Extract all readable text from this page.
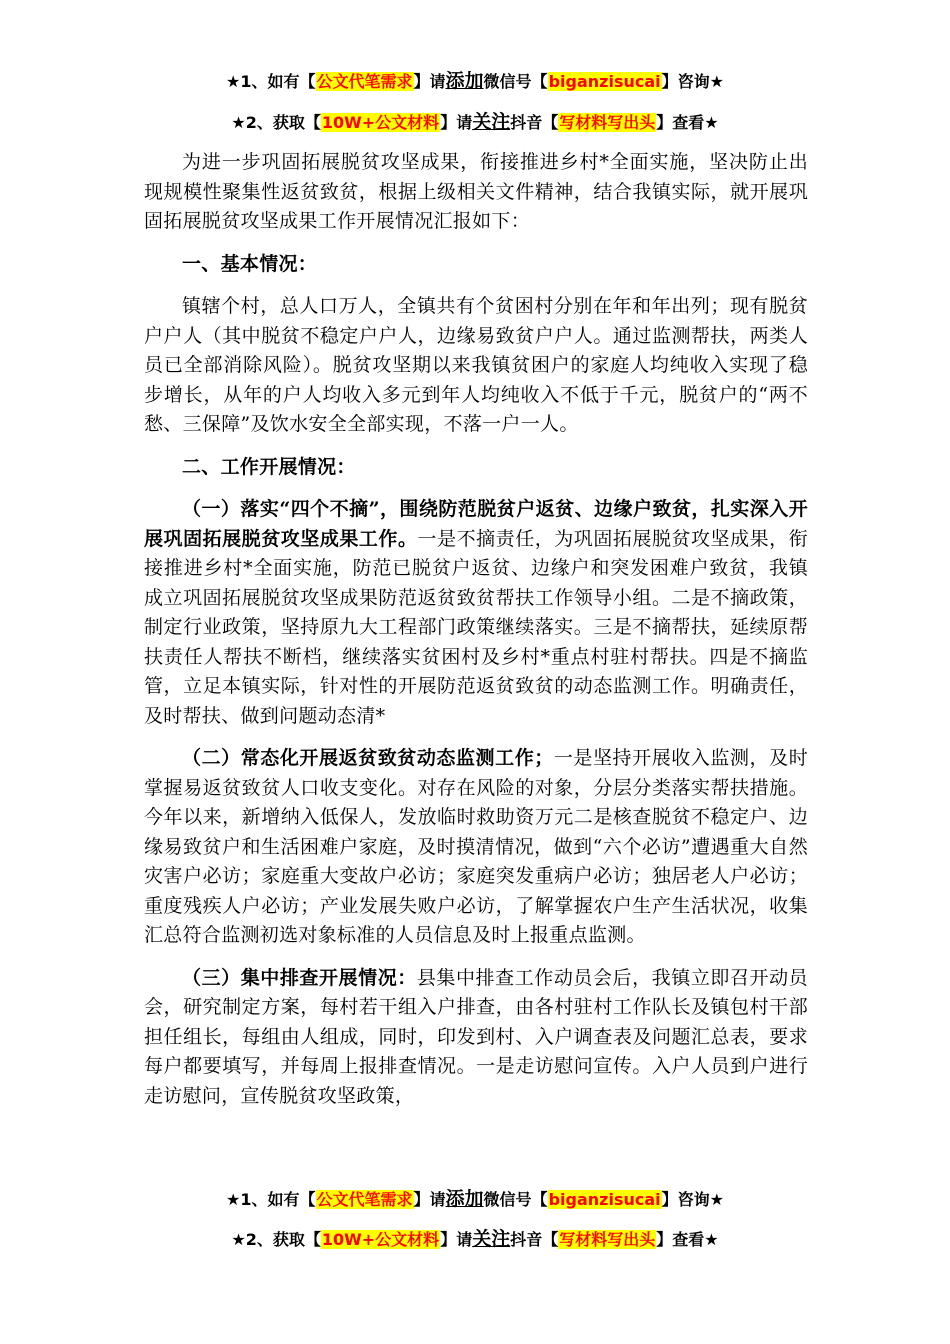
★1、如有【公文代笔需求】请添加微信号【biganzisucai】咨询★
★2、获取【10W+公文材料】请关注抖音【写材料写出头】查看★

为进一步巩固拓展脱贫攻坚成果，衔接推进乡村*全面实施，坚决防止出现规模性聚集性返贫致贫，根据上级相关文件精神，结合我镇实际，就开展巩固拓展脱贫攻坚成果工作开展情况汇报如下：

一、基本情况：

镇辖个村，总人口万人，全镇共有个贫困村分别在年和年出列；现有脱贫户户人（其中脱贫不稳定户户人，边缘易致贫户户人。通过监测帮扶，两类人员已全部消除风险）。脱贫攻坚期以来我镇贫困户的家庭人均纯收入实现了稳步增长，从年的户人均收入多元到年人均纯收入不低于千元，脱贫户的“两不愁、三保障”及饮水安全全部实现，不落一户一人。

二、工作开展情况：

（一）落实“四个不摘”，围绕防范脱贫户返贫、边缘户致贫，扎实深入开展巩固拓展脱贫攻坚成果工作。一是不摘责任，为巩固拓展脱贫攻坚成果，衔接推进乡村*全面实施，防范已脱贫户返贫、边缘户和突发困难户致贫，我镇成立巩固拓展脱贫攻坚成果防范返贫致贫帮扶工作领导小组。二是不摘政策，制定行业政策，坚持原九大工程部门政策继续落实。三是不摘帮扶，延续原帮扶责任人帮扶不断档，继续落实贫困村及乡村*重点村驻村帮扶。四是不摘监管，立足本镇实际，针对性的开展防范返贫致贫的动态监测工作。明确责任，及时帮扶、做到问题动态清*

（二）常态化开展返贫致贫动态监测工作；一是坚持开展收入监测，及时掌握易返贫致贫人口收支变化。对存在风险的对象，分层分类落实帮扶措施。今年以来，新增纳入低保人，发放临时救助资万元二是核查脱贫不稳定户、边缘易致贫户和生活困难户家庭，及时摸清情况，做到“六个必访”遭遇重大自然灾害户必访；家庭重大变故户必访；家庭突发重病户必访；独居老人户必访；重度残疾人户必访；产业发展失败户必访，了解掌握农户生产生活状况，收集汇总符合监测初选对象标准的人员信息及时上报重点监测。

（三）集中排查开展情况：县集中排查工作动员会后，我镇立即召开动员会，研究制定方案，每村若干组入户排查，由各村驻村工作队长及镇包村干部担任组长，每组由人组成，同时，印发到村、入户调查表及问题汇总表，要求每户都要填写，并每周上报排查情况。一是走访慰问宣传。入户人员到户进行走访慰问，宣传脱贫攻坚政策，

★1、如有【公文代笔需求】请添加微信号【biganzisucai】咨询★
★2、获取【10W+公文材料】请关注抖音【写材料写出头】查看★
